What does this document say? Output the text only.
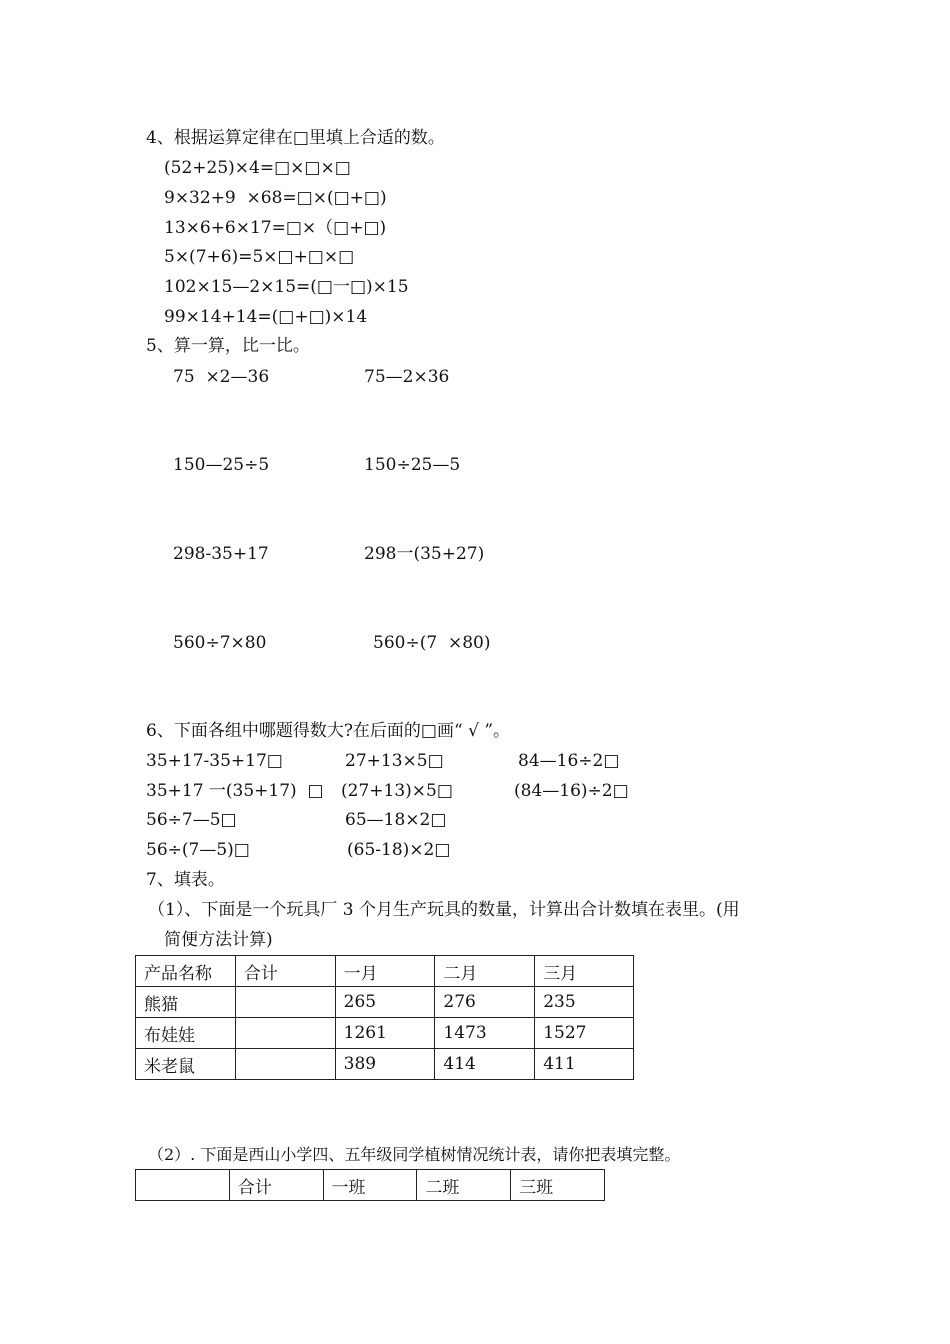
4、根据运算定律在□里填上合适的数。
(52+25)×4=□×□×□
9×32+9  ×68=□×(□+□)
13×6+6×17=□×（□+□)
5×(7+6)=5×□+□×□
102×15—2×15=(□一□)×15
99×14+14=(□+□)×14
5、算一算，比一比。
75  ×2—36	75—2×36
150—25÷5	150÷25—5
298-35+17	298一(35+27)
560÷7×80	560÷(7  ×80)
6、下面各组中哪题得数大?在后面的□画“ √ ”。
35+17-35+17□	27+13×5□	84—16÷2□
35+17 一(35+17)  □ (27+13)×5□	(84—16)÷2□
56÷7—5□	65—18×2□
56÷(7—5)□	(65-18)×2□
7、填表。
（1）、下面是一个玩具厂 3 个月生产玩具的数量，计算出合计数填在表里。(用
简便方法计算)
产品名称	合计	一月	二月	三月
熊猫		265	276	235
布娃娃		1261	1473	1527
米老鼠		389	414	411
（2）. 下面是西山小学四、五年级同学植树情况统计表，请你把表填完整。
	合计	一班	二班	三班
